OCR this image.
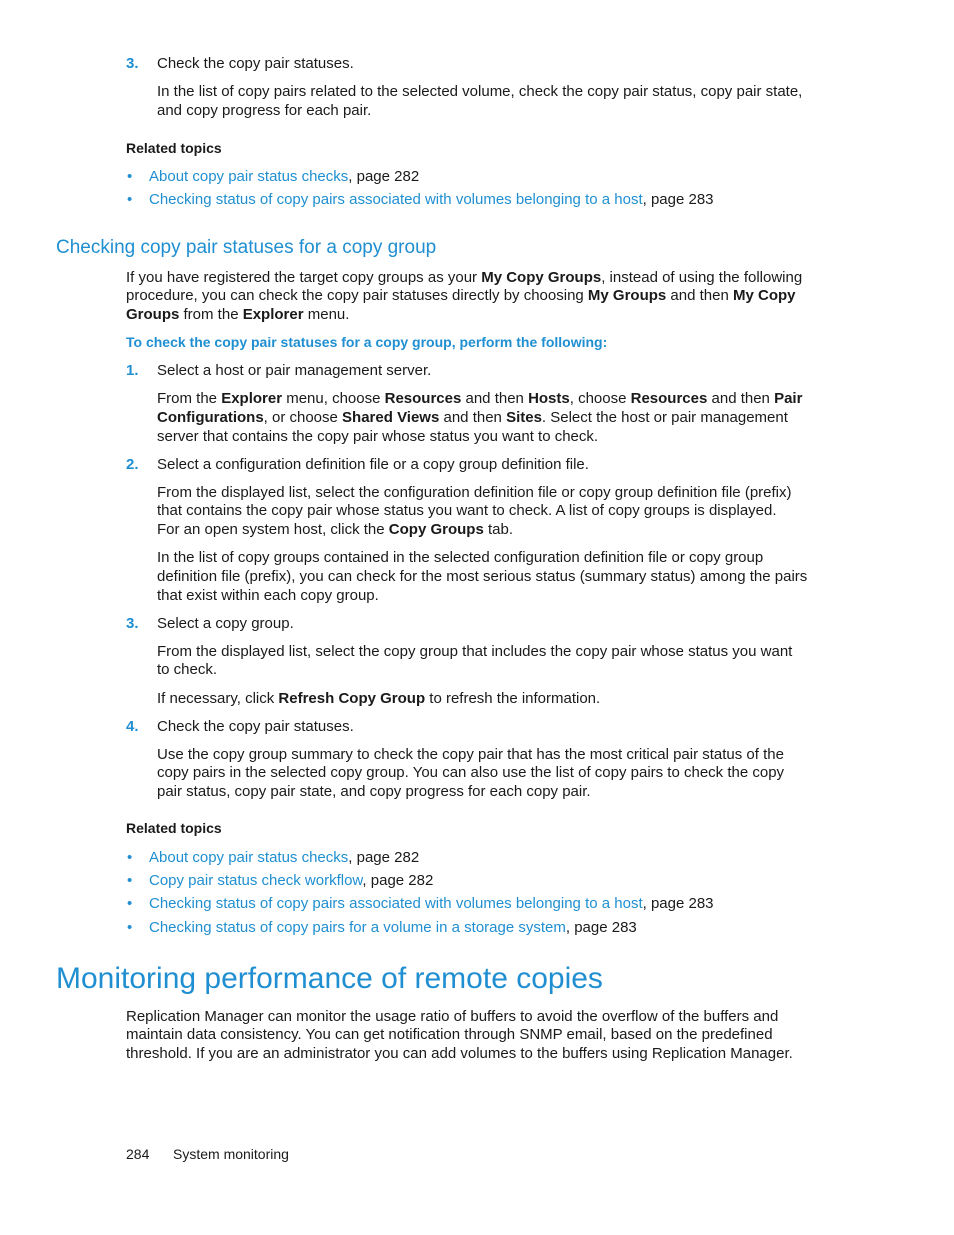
3. Check the copy pair statuses.
In the list of copy pairs related to the selected volume, check the copy pair status, copy pair state,
and copy progress for each pair.
Related topics
• About copy pair status checks, page 282
• Checking status of copy pairs associated with volumes belonging to a host, page 283
Checking copy pair statuses for a copy group
If you have registered the target copy groups as your My Copy Groups, instead of using the following
procedure, you can check the copy pair statuses directly by choosing My Groups and then My Copy
Groups from the Explorer menu.
To check the copy pair statuses for a copy group, perform the following:
1. Select a host or pair management server.
From the Explorer menu, choose Resources and then Hosts, choose Resources and then Pair
Configurations, or choose Shared Views and then Sites. Select the host or pair management
server that contains the copy pair whose status you want to check.
2. Select a configuration definition file or a copy group definition file.
From the displayed list, select the configuration definition file or copy group definition file (prefix)
that contains the copy pair whose status you want to check. A list of copy groups is displayed.
For an open system host, click the Copy Groups tab.
In the list of copy groups contained in the selected configuration definition file or copy group
definition file (prefix), you can check for the most serious status (summary status) among the pairs
that exist within each copy group.
3. Select a copy group.
From the displayed list, select the copy group that includes the copy pair whose status you want
to check.
If necessary, click Refresh Copy Group to refresh the information.
4. Check the copy pair statuses.
Use the copy group summary to check the copy pair that has the most critical pair status of the
copy pairs in the selected copy group. You can also use the list of copy pairs to check the copy
pair status, copy pair state, and copy progress for each copy pair.
Related topics
• About copy pair status checks, page 282
• Copy pair status check workflow, page 282
• Checking status of copy pairs associated with volumes belonging to a host, page 283
• Checking status of copy pairs for a volume in a storage system, page 283
Monitoring performance of remote copies
Replication Manager can monitor the usage ratio of buffers to avoid the overflow of the buffers and
maintain data consistency. You can get notification through SNMP email, based on the predefined
threshold. If you are an administrator you can add volumes to the buffers using Replication Manager.
284 System monitoring
